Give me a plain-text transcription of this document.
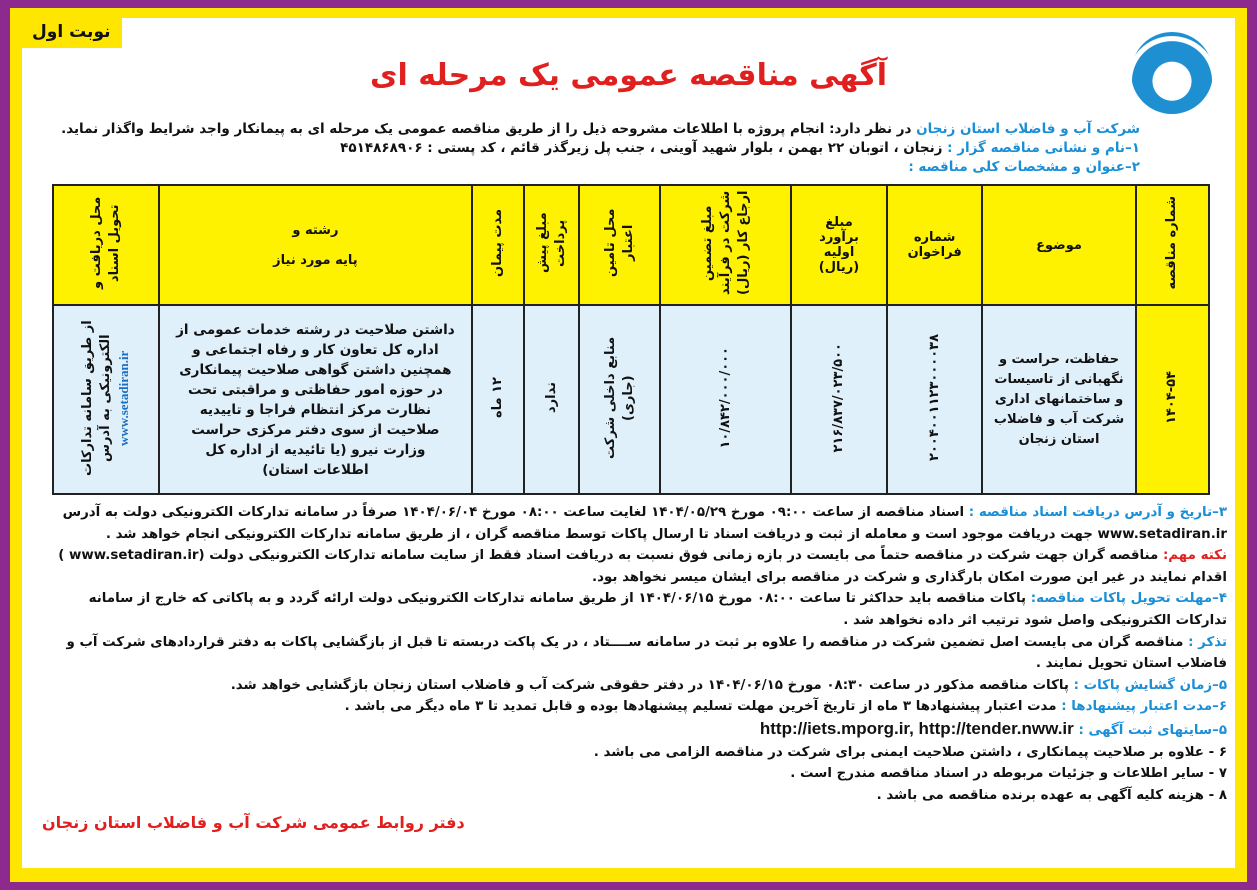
نوبت اول
آگهی مناقصه عمومی یک مرحله ای
شرکت آب و فاضلاب استان زنجان در نظر دارد: انجام پروژه با اطلاعات مشروحه ذیل را از طریق مناقصه عمومی یک مرحله ای به پیمانکار واجد شرایط واگذار نماید.
۱–نام و نشانی مناقصه گزار : زنجان ، اتوبان ۲۲ بهمن ، بلوار شهید آوینی ، جنب پل زیرگذر قائم ، کد پستی : ۴۵۱۴۸۶۸۹۰۶
۲–عنوان و مشخصات کلی مناقصه :
شماره مناقصه	موضوع	شماره فراخوان	مبلغ برآورد اولیه (ریال)	مبلغ تضمین شرکت در فرآیند ارجاع کار (ریال)	محل تامین اعتبار	مبلغ پیش پرداخت	مدت پیمان	رشته و

پایه مورد نیاز	محل دریافت و تحویل اسناد
۱۴۰۴-۵۴	حفاظت، حراست و نگهبانی از تاسیسات و ساختمانهای اداری شرکت آب و فاضلاب استان زنجان	۲۰۰۴۰۰۱۱۲۳۰۰۰۰۳۸	۲۱۶/۸۳۷/۰۲۳/۵۰۰	۱۰/۸۴۲/۰۰۰/۰۰۰	منابع داخلی شرکت (جاری)	ندارد	۱۲ ماه	داشتن صلاحیت در رشته خدمات عمومی از اداره کل تعاون کار و رفاه اجتماعی و همچنین داشتن گواهی صلاحیت پیمانکاری در حوزه امور حفاظتی و مراقبتی تحت نظارت مرکز انتظام فراجا و تاییدیه صلاحیت از سوی دفتر مرکزی حراست وزارت نیرو (یا تائیدیه از اداره کل اطلاعات استان)	از طریق سامانه تدارکات الکترونیکی به آدرس www.setadiran.ir

۳–تاریخ و آدرس دریافت اسناد مناقصه : اسناد مناقصه از ساعت ۰۹:۰۰ مورخ ۱۴۰۴/۰۵/۲۹ لغایت ساعت ۰۸:۰۰ مورخ ۱۴۰۴/۰۶/۰۴ صرفاً در سامانه تدارکات الکترونیکی دولت به آدرس www.setadiran.ir جهت دریافت موجود است و معامله از ثبت و دریافت اسناد تا ارسال پاکات توسط مناقصه گران ، از طریق سامانه تدارکات الکترونیکی انجام خواهد شد .

نکته مهم: مناقصه گران جهت شرکت در مناقصه حتماً می بایست در بازه زمانی فوق نسبت به دریافت اسناد فقط از سایت سامانه تدارکات الکترونیکی دولت (www.setadiran.ir ) اقدام نمایند در غیر این صورت امکان بارگذاری و شرکت در مناقصه برای ایشان میسر نخواهد بود.

۴–مهلت تحویل پاکات مناقصه: پاکات مناقصه باید حداکثر تا ساعت ۰۸:۰۰ مورخ ۱۴۰۴/۰۶/۱۵ از طریق سامانه تدارکات الکترونیکی دولت ارائه گردد و به پاکاتی که خارج از سامانه تدارکات الکترونیکی واصل شود ترتیب اثر داده نخواهد شد .

تذکر : مناقصه گران می بایست اصل تضمین شرکت در مناقصه را علاوه بر ثبت در سامانه ســــتاد ، در یک پاکت دربسته تا قبل از بازگشایی پاکات به دفتر قراردادهای شرکت آب و فاضلاب استان تحویل نمایند .

۵–زمان گشایش پاکات : پاکات مناقصه مذکور در ساعت ۰۸:۳۰ مورخ ۱۴۰۴/۰۶/۱۵ در دفتر حقوقی شرکت آب و فاضلاب استان زنجان بازگشایی خواهد شد.

۶–مدت اعتبار پیشنهادها : مدت اعتبار پیشنهادها ۳ ماه از تاریخ آخرین مهلت تسلیم پیشنهادها بوده و قابل تمدید تا ۳ ماه دیگر می باشد .

۵–سایتهای ثبت آگهی : http://iets.mporg.ir, http://tender.nww.ir

۶ - علاوه بر صلاحیت پیمانکاری ، داشتن صلاحیت ایمنی برای شرکت در مناقصه الزامی می باشد .

۷ - سایر اطلاعات و جزئیات مربوطه در اسناد مناقصه مندرج است .

۸ - هزینه کلیه آگهی به عهده برنده مناقصه می باشد .

دفتر روابط عمومی شرکت آب و فاضلاب استان زنجان
